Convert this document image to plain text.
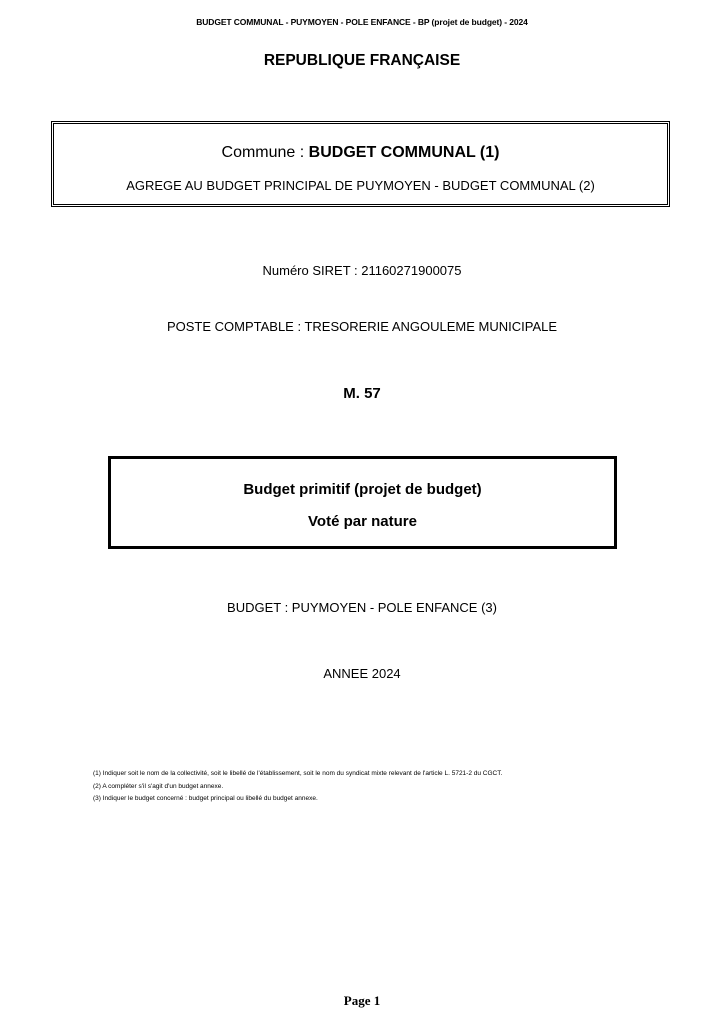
BUDGET COMMUNAL - PUYMOYEN - POLE ENFANCE - BP (projet de budget) - 2024
REPUBLIQUE FRANÇAISE
Commune : BUDGET COMMUNAL (1)
AGREGE AU BUDGET PRINCIPAL DE PUYMOYEN - BUDGET COMMUNAL (2)
Numéro SIRET : 21160271900075
POSTE COMPTABLE : TRESORERIE ANGOULEME MUNICIPALE
M. 57
Budget primitif (projet de budget)
Voté par nature
BUDGET : PUYMOYEN - POLE ENFANCE (3)
ANNEE 2024
(1) Indiquer soit le nom de la collectivité, soit le libellé de l'établissement, soit le nom du syndicat mixte relevant de l'article L. 5721-2 du CGCT.
(2) A compléter s'il s'agit d'un budget annexe.
(3) Indiquer le budget concerné : budget principal ou libellé du budget annexe.
Page 1
